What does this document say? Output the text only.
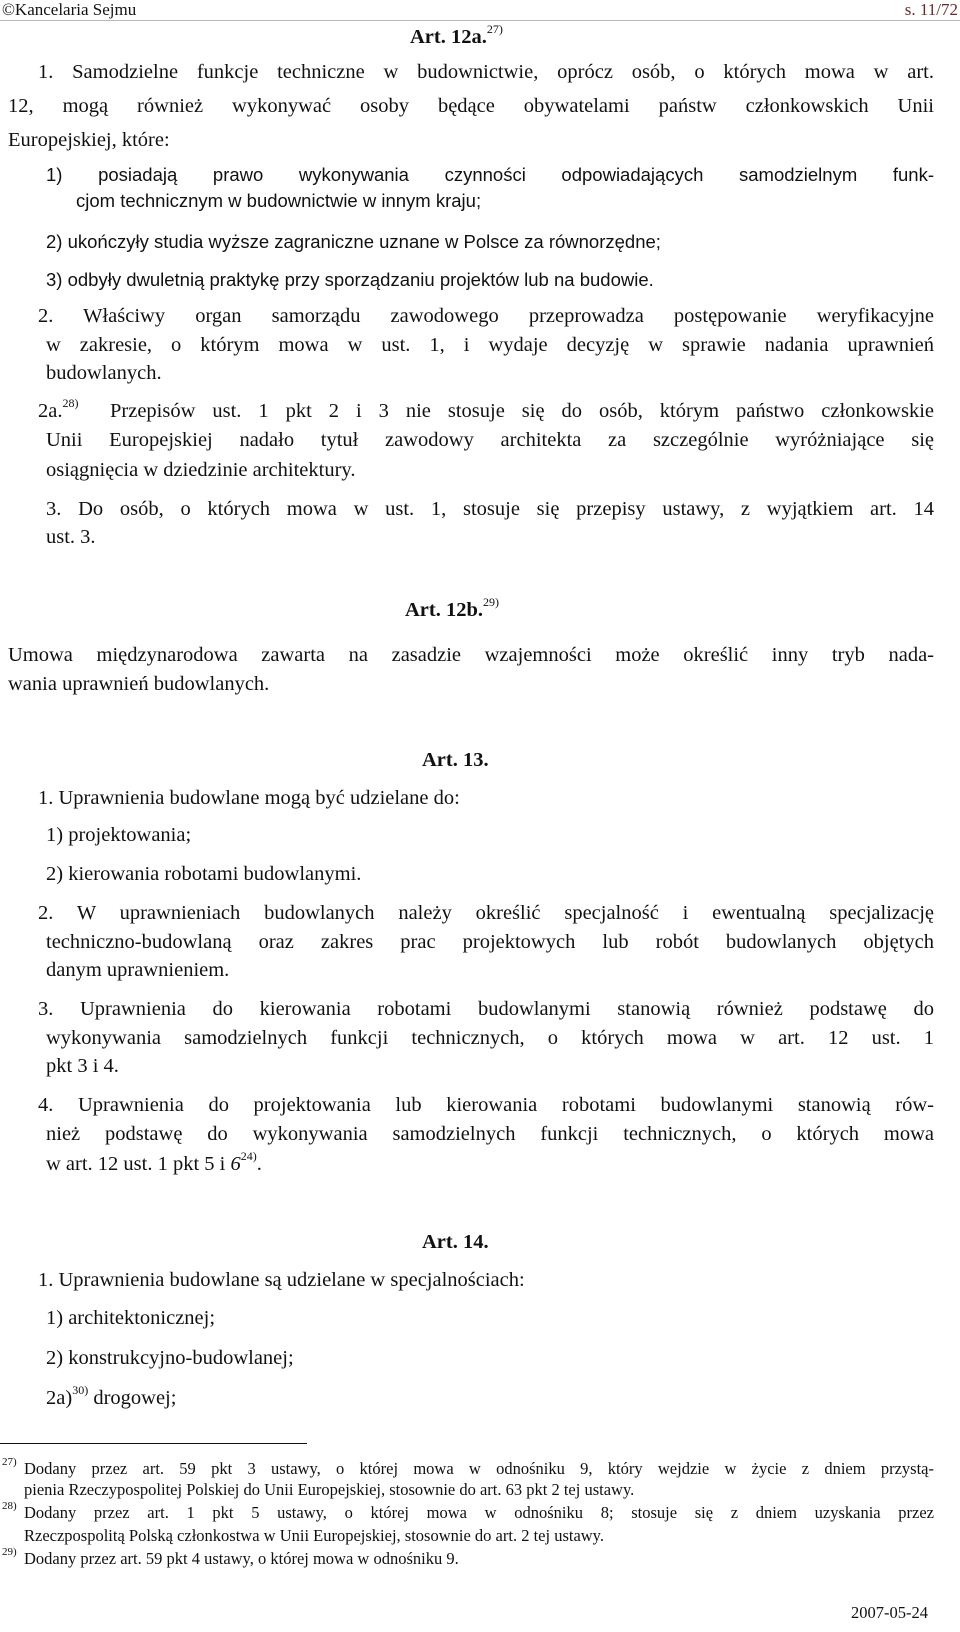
©Kancelaria Sejmu	s. 11/72
Art. 12a.$^{27)}$
1. Samodzielne funkcje techniczne w budownictwie, oprócz osób, o których mowa w art.
12, mogą również wykonywać osoby będące obywatelami państw członkowskich Unii
Europejskiej, które:
1) posiadają prawo wykonywania czynności odpowiadających samodzielnym funk-
cjom technicznym w budownictwie w innym kraju;
2) ukończyły studia wyższe zagraniczne uznane w Polsce za równorzędne;
3) odbyły dwuletnią praktykę przy sporządzaniu projektów lub na budowie.
2. Właściwy organ samorządu zawodowego przeprowadza postępowanie weryfikacyjne
w zakresie, o którym mowa w ust. 1, i wydaje decyzję w sprawie nadania uprawnień
budowlanych.
2a.$^{28)}$ Przepisów ust. 1 pkt 2 i 3 nie stosuje się do osób, którym państwo członkowskie
Unii Europejskiej nadało tytuł zawodowy architekta za szczególnie wyróżniające się
osiągnięcia w dziedzinie architektury.
3. Do osób, o których mowa w ust. 1, stosuje się przepisy ustawy, z wyjątkiem art. 14
ust. 3.
Art. 12b.$^{29)}$
Umowa międzynarodowa zawarta na zasadzie wzajemności może określić inny tryb nada-
wania uprawnień budowlanych.
Art. 13.
1. Uprawnienia budowlane mogą być udzielane do:
1) projektowania;
2) kierowania robotami budowlanymi.
2. W uprawnieniach budowlanych należy określić specjalność i ewentualną specjalizację
techniczno-budowlaną oraz zakres prac projektowych lub robót budowlanych objętych
danym uprawnieniem.
3. Uprawnienia do kierowania robotami budowlanymi stanowią również podstawę do
wykonywania samodzielnych funkcji technicznych, o których mowa w art. 12 ust. 1
pkt 3 i 4.
4. Uprawnienia do projektowania lub kierowania robotami budowlanymi stanowią rów-
nież podstawę do wykonywania samodzielnych funkcji technicznych, o których mowa
w art. 12 ust. 1 pkt 5 i 6$^{24)}$.
Art. 14.
1. Uprawnienia budowlane są udzielane w specjalnościach:
1) architektonicznej;
2) konstrukcyjno-budowlanej;
2a)$^{30)}$ drogowej;
$^{27)}$ Dodany przez art. 59 pkt 3 ustawy, o której mowa w odnośniku 9, który wejdzie w życie z dniem przystą-
pienia Rzeczypospolitej Polskiej do Unii Europejskiej, stosownie do art. 63 pkt 2 tej ustawy.
$^{28)}$ Dodany przez art. 1 pkt 5 ustawy, o której mowa w odnośniku 8; stosuje się z dniem uzyskania przez
Rzeczpospolitą Polską członkostwa w Unii Europejskiej, stosownie do art. 2 tej ustawy.
$^{29)}$ Dodany przez art. 59 pkt 4 ustawy, o której mowa w odnośniku 9.
2007-05-24
